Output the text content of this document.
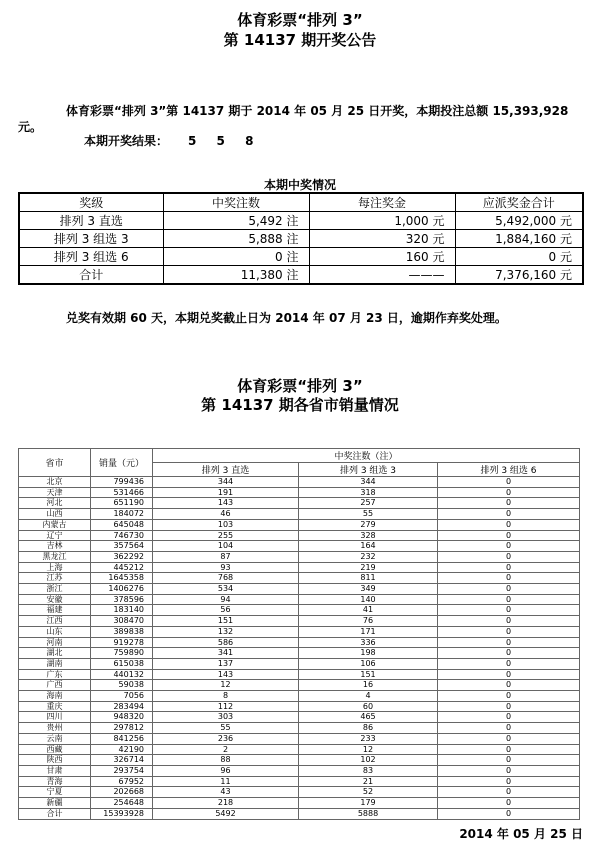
体育彩票“排列 3”
第 14137 期开奖公告

体育彩票“排列 3”第 14137 期于 2014 年 05 月 25 日开奖，本期投注总额 15,393,928 元。

本期开奖结果： 5 5 8

本期中奖情况
奖级	中奖注数	每注奖金	应派奖金合计
排列 3 直选	5,492 注	1,000 元	5,492,000 元
排列 3 组选 3	5,888 注	320 元	1,884,160 元
排列 3 组选 6	0 注	160 元	0 元
合计	11,380 注	———	7,376,160 元

兑奖有效期 60 天，本期兑奖截止日为 2014 年 07 月 23 日，逾期作弃奖处理。

体育彩票“排列 3”
第 14137 期各省市销量情况
省市	销量（元）	中奖注数（注）		
		排列 3 直选	排列 3 组选 3	排列 3 组选 6
北京	799436	344	344	0
天津	531466	191	318	0
河北	651190	143	257	0
山西	184072	46	55	0
内蒙古	645048	103	279	0
辽宁	746730	255	328	0
吉林	357564	104	164	0
黑龙江	362292	87	232	0
上海	445212	93	219	0
江苏	1645358	768	811	0
浙江	1406276	534	349	0
安徽	378596	94	140	0
福建	183140	56	41	0
江西	308470	151	76	0
山东	389838	132	171	0
河南	919278	586	336	0
湖北	759890	341	198	0
湖南	615038	137	106	0
广东	440132	143	151	0
广西	59038	12	16	0
海南	7056	8	4	0
重庆	283494	112	60	0
四川	948320	303	465	0
贵州	297812	55	86	0
云南	841256	236	233	0
西藏	42190	2	12	0
陕西	326714	88	102	0
甘肃	293754	96	83	0
青海	67952	11	21	0
宁夏	202668	43	52	0
新疆	254648	218	179	0
合计	15393928	5492	5888	0
2014 年 05 月 25 日
